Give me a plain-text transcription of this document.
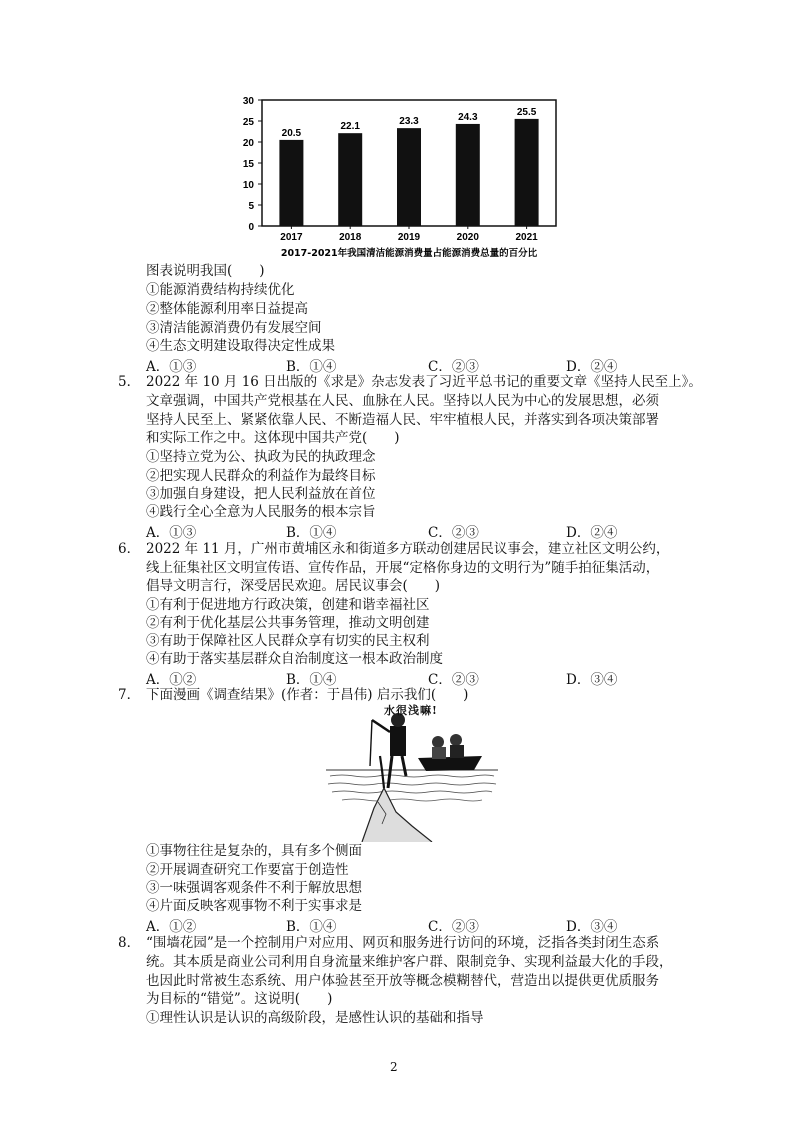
0
5
10
15
20
25
30
20.5
2017
22.1
2018
23.3
2019
24.3
2020
25.5
2021
2017-2021年我国清洁能源消费量占能源消费总量的百分比
图表说明我国(　　)
①能源消费结构持续优化
②整体能源利用率日益提高
③清洁能源消费仍有发展空间
④生态文明建设取得决定性成果
A．①③	B．①④	C．②③	D．②④
5． 2022 年 10 月 16 日出版的《求是》杂志发表了习近平总书记的重要文章《坚持人民至上》。
文章强调，中国共产党根基在人民、血脉在人民。坚持以人民为中心的发展思想，必须
坚持人民至上、紧紧依靠人民、不断造福人民、牢牢植根人民，并落实到各项决策部署
和实际工作之中。这体现中国共产党(　　)
①坚持立党为公、执政为民的执政理念
②把实现人民群众的利益作为最终目标
③加强自身建设，把人民利益放在首位
④践行全心全意为人民服务的根本宗旨
A．①③	B．①④	C．②③	D．②④
6． 2022 年 11 月，广州市黄埔区永和街道多方联动创建居民议事会，建立社区文明公约，
线上征集社区文明宣传语、宣传作品，开展“定格你身边的文明行为”随手拍征集活动，
倡导文明言行，深受居民欢迎。居民议事会(　　)
①有利于促进地方行政决策，创建和谐幸福社区
②有利于优化基层公共事务管理，推动文明创建
③有助于保障社区人民群众享有切实的民主权利
④有助于落实基层群众自治制度这一根本政治制度
A．①②	B．①④	C．②③	D．③④
7． 下面漫画《调查结果》(作者：于昌伟) 启示我们(　　)
水很浅嘛!
①事物往往是复杂的，具有多个侧面
②开展调查研究工作要富于创造性
③一味强调客观条件不利于解放思想
④片面反映客观事物不利于实事求是
A．①②	B．①④	C．②③	D．③④
8． “围墙花园”是一个控制用户对应用、网页和服务进行访问的环境，泛指各类封闭生态系
统。其本质是商业公司利用自身流量来维护客户群、限制竞争、实现利益最大化的手段，
也因此时常被生态系统、用户体验甚至开放等概念模糊替代，营造出以提供更优质服务
为目标的“错觉”。这说明(　　)
①理性认识是认识的高级阶段，是感性认识的基础和指导
2
